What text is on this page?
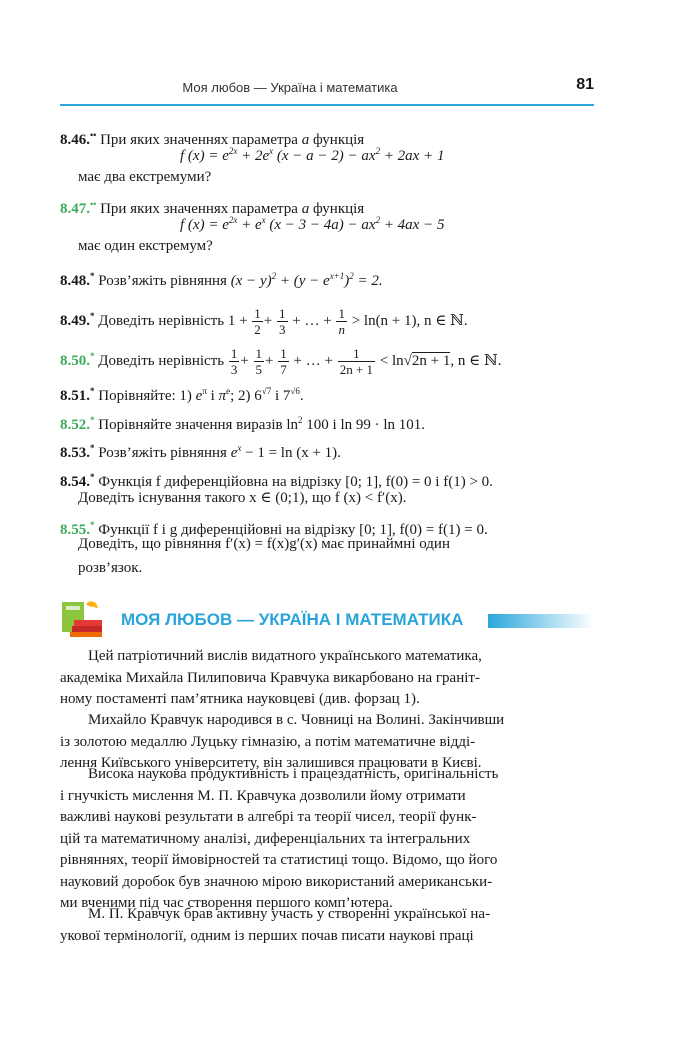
Моя любов — Україна і математика	81
8.46.•• При яких значеннях параметра a функція
f $(x) = e^{2x} + 2e^x$ $(x - a - 2) - ax^2 + 2ax + 1$
має два екстремуми?
8.47.•• При яких значеннях параметра a функція
f $(x) = e^{2x} + e^x$ $(x - 3 - 4a) - ax^2 + 4ax - 5$
має один екстремум?
8.48.* Розв’яжіть рівняння $(x - y)^2 + (y - e^{x+1})^2 = 2$.
8.49.* Доведіть нерівність $1 + \frac{1}{2} + \frac{1}{3}$ + … + $\frac{1}{n} > \ln(n + 1)$, n ∈ ℕ.
8.50.* Доведіть нерівність $\frac{1}{3} + \frac{1}{5} + \frac{1}{7}$ + … + $\frac{1}{2n + 1} < \ln√2n + 1$, n ∈ ℕ.
8.51.* Порівняйте: 1) $e^\pi$ і $\pi^e$; 2) $6^{√7}$ і $7^{√6}$.
8.52.* Порівняйте значення виразів $\ln^2 100$ і ln 99 · ln 101.
8.53.* Розв’яжіть рівняння $e^x - 1 = \ln (x + 1)$.
8.54.* Функція f диференційовна на відрізку [0; 1], f(0) = 0 і f(1) > 0.
Доведіть існування такого x ∈ (0;1), що f (x) < f′(x).
8.55.* Функції f і g диференційовні на відрізку [0; 1], f(0) = f(1) = 0.
Доведіть, що рівняння f′(x) = f(x)g′(x) має принаймні один
розв’язок.
МОЯ ЛЮБОВ — УКРАЇНА І МАТЕМАТИКА
Цей патріотичний вислів видатного українського математика,
академіка Михайла Пилиповича Кравчука викарбовано на граніт-
ному постаменті пам’ятника науковцеві (див. форзац 1).
Михайло Кравчук народився в с. Човниці на Волині. Закінчивши
із золотою медаллю Луцьку гімназію, а потім математичне відді-
лення Київського університету, він залишився працювати в Києві.
Висока наукова продуктивність і працездатність, оригінальність
і гнучкість мислення М. П. Кравчука дозволили йому отримати
важливі наукові результати в алгебрі та теорії чисел, теорії функ-
цій та математичному аналізі, диференціальних та інтегральних
рівняннях, теорії ймовірностей та статистиці тощо. Відомо, що його
науковий доробок був значною мірою використаний американськи-
ми вченими під час створення першого комп’ютера.
М. П. Кравчук брав активну участь у створенні української на-
укової термінології, одним із перших почав писати наукові праці
